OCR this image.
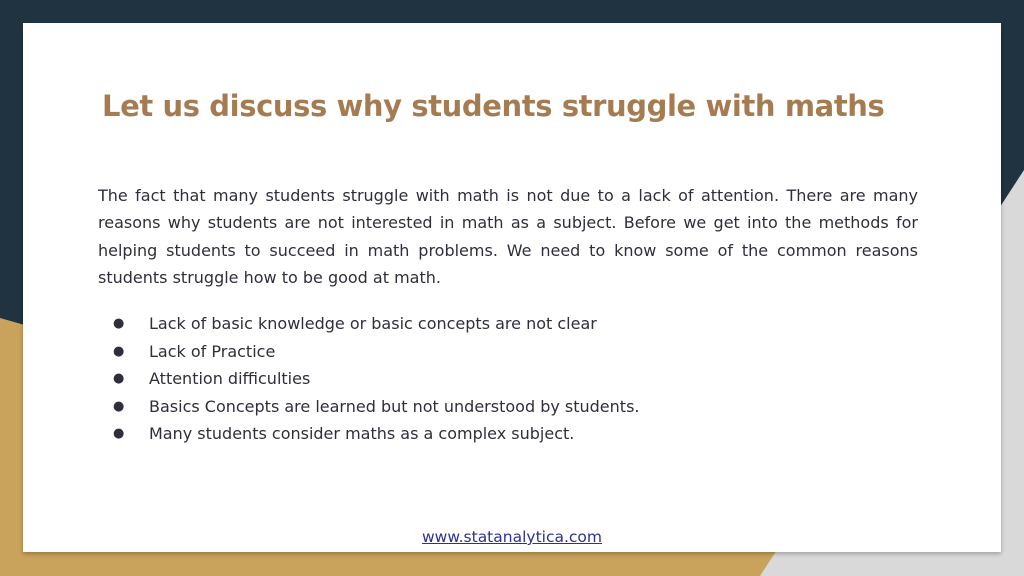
Let us discuss why students struggle with maths

The fact that many students struggle with math is not due to a lack of attention. There are many reasons why students are not interested in math as a subject. Before we get into the methods for helping students to succeed in math problems. We need to know some of the common reasons students struggle how to be good at math.

● Lack of basic knowledge or basic concepts are not clear
● Lack of Practice
● Attention difficulties
● Basics Concepts are learned but not understood by students.
● Many students consider maths as a complex subject.
www.statanalytica.com
